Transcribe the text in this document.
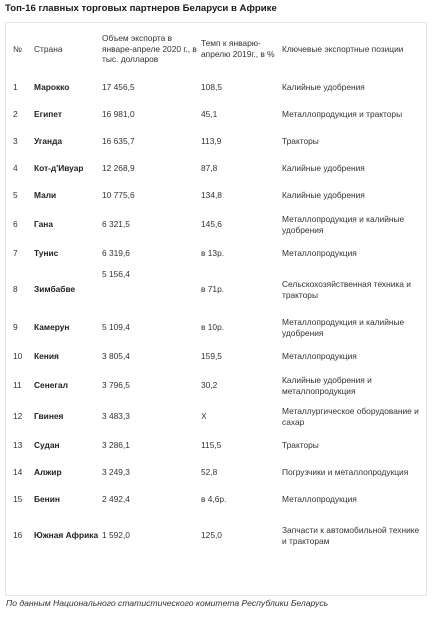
Топ-16 главных торговых партнеров Беларуси в Африке
№	Страна	Объем экспорта в январе-апреле 2020 г., в тыс. долларов	Темп к январю-апрелю 2019г., в %	Ключевые экспортные позиции
1	Марокко	17 456,5	108,5	Калийные удобрения
2	Египет	16 981,0	45,1	Металлопродукция и тракторы
3	Уганда	16 635,7	113,9	Тракторы
4	Кот-д'Ивуар	12 268,9	87,8	Калийные удобрения
5	Мали	10 775,6	134,8	Калийные удобрения
6	Гана	6 321,5	145,6	Металлопродукция и калийные удобрения
7	Тунис	6 319,6	в 13р.	Металлопродукция
8	Зимбабве	5 156,4	в 71р.	Сельскохозяйственная техника и тракторы
9	Камерун	5 109,4	в 10р.	Металлопродукция и калийные удобрения
10	Кения	3 805,4	159,5	Металлопродукция
11	Сенегал	3 796,5	30,2	Калийные удобрения и металлопродукция
12	Гвинея	3 483,3	X	Металлургическое оборудование и сахар
13	Судан	3 286,1	115,5	Тракторы
14	Алжир	3 249,3	52,8	Погрузчики и металлопродукция
15	Бенин	2 492,4	в 4,6р.	Металлопродукция
16	Южная Африка	1 592,0	125,0	Запчасти к автомобильной технике и тракторам
По данным Национального статистического комитета Республики Беларусь
